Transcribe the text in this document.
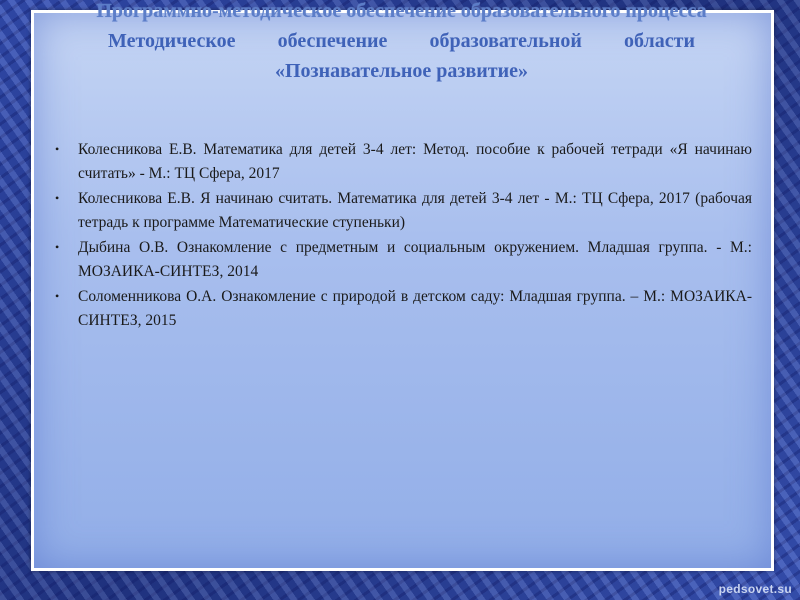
Программно-методическое обеспечение образовательного процесса
Методическое обеспечение образовательной области
«Познавательное развитие»
• Колесникова Е.В. Математика для детей 3-4 лет: Метод. пособие к рабочей тетради «Я начинаю считать» - М.: ТЦ Сфера, 2017
• Колесникова Е.В. Я начинаю считать. Математика для детей 3-4 лет - М.: ТЦ Сфера, 2017 (рабочая тетрадь к программе Математические ступеньки)
• Дыбина О.В. Ознакомление с предметным и социальным окружением. Младшая группа. - М.: МОЗАИКА-СИНТЕЗ, 2014
• Соломенникова О.А. Ознакомление с природой в детском саду: Младшая группа. – М.: МОЗАИКА-СИНТЕЗ, 2015
pedsovet.su
